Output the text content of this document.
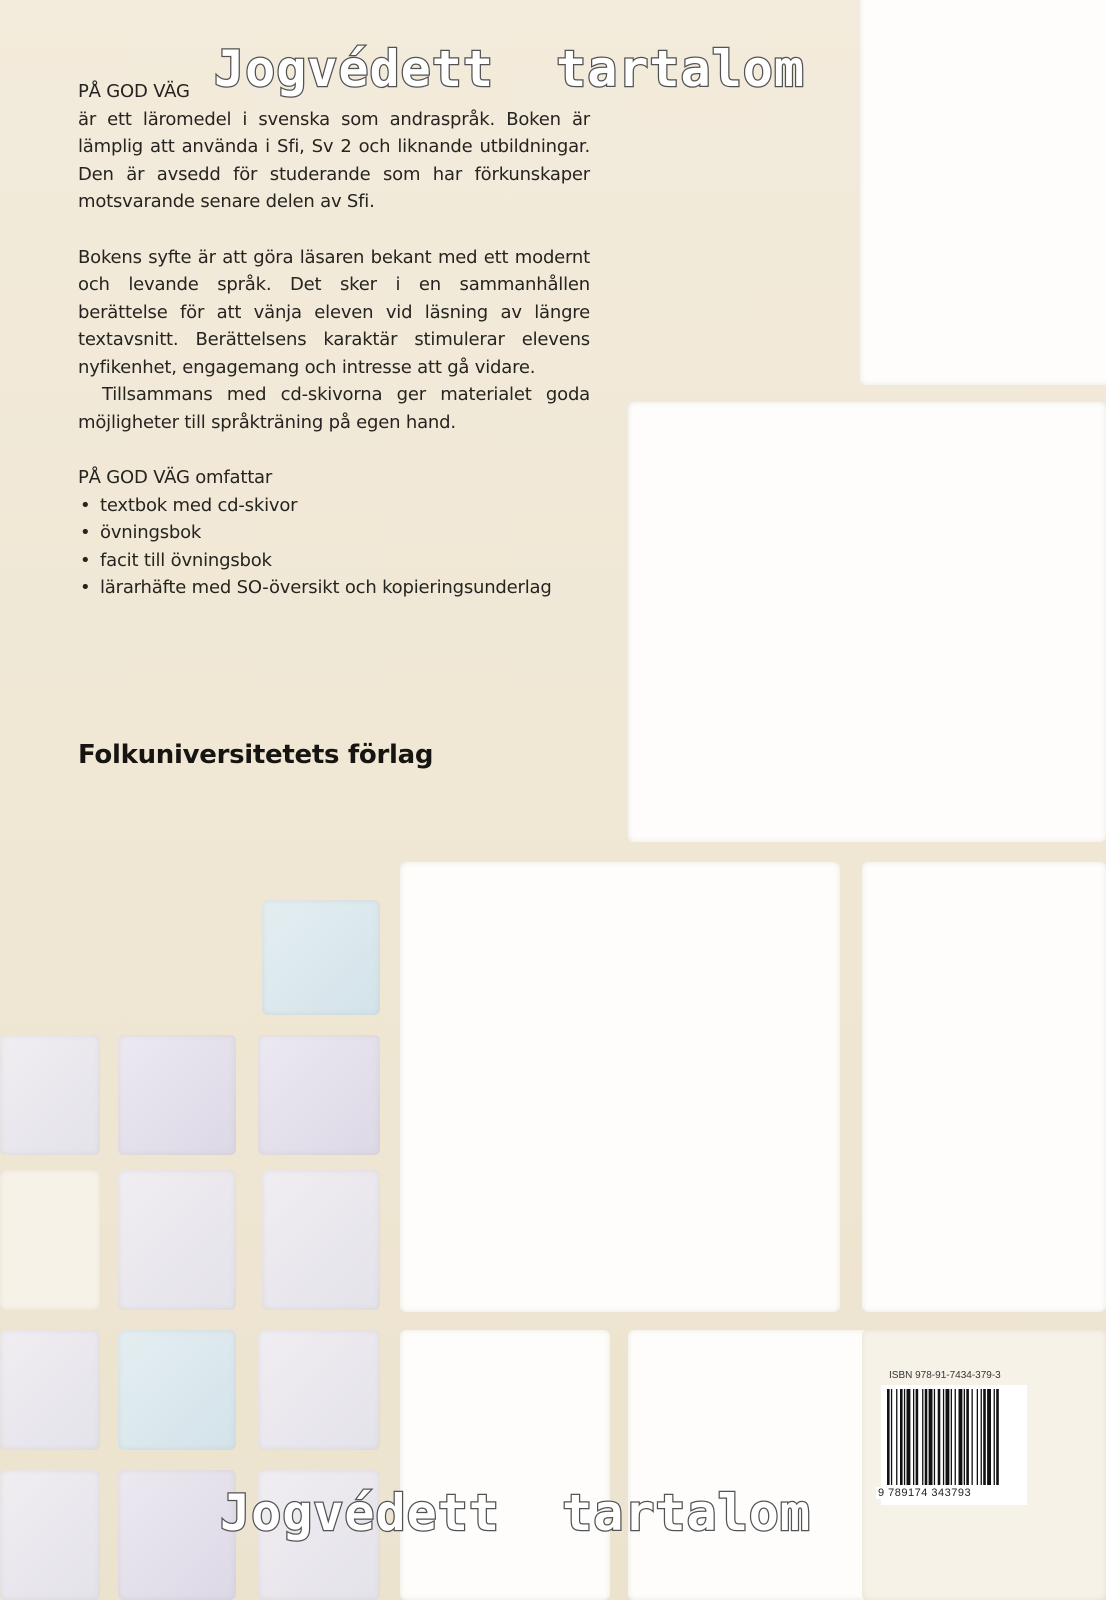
PÅ GOD VÄG

är ett läromedel i svenska som andraspråk. Boken är lämplig att använda i Sfi, Sv 2 och liknande utbildningar. Den är avsedd för studerande som har förkunskaper motsvarande senare delen av Sfi.

Bokens syfte är att göra läsaren bekant med ett modernt och levande språk. Det sker i en sammanhållen berättelse för att vänja eleven vid läsning av längre textavsnitt. Berättelsens karaktär stimulerar elevens nyfikenhet, engagemang och intresse att gå vidare.

Tillsammans med cd-skivorna ger materialet goda möjligheter till språkträning på egen hand.

PÅ GOD VÄG omfattar

• textbok med cd-skivor
• övningsbok
• facit till övningsbok
• lärarhäfte med SO-översikt och kopieringsunderlag
Folkuniversitetets förlag
ISBN 978-91-7434-379-3
9 789174 343793
Jogvédett  tartalom
Jogvédett  tartalom
